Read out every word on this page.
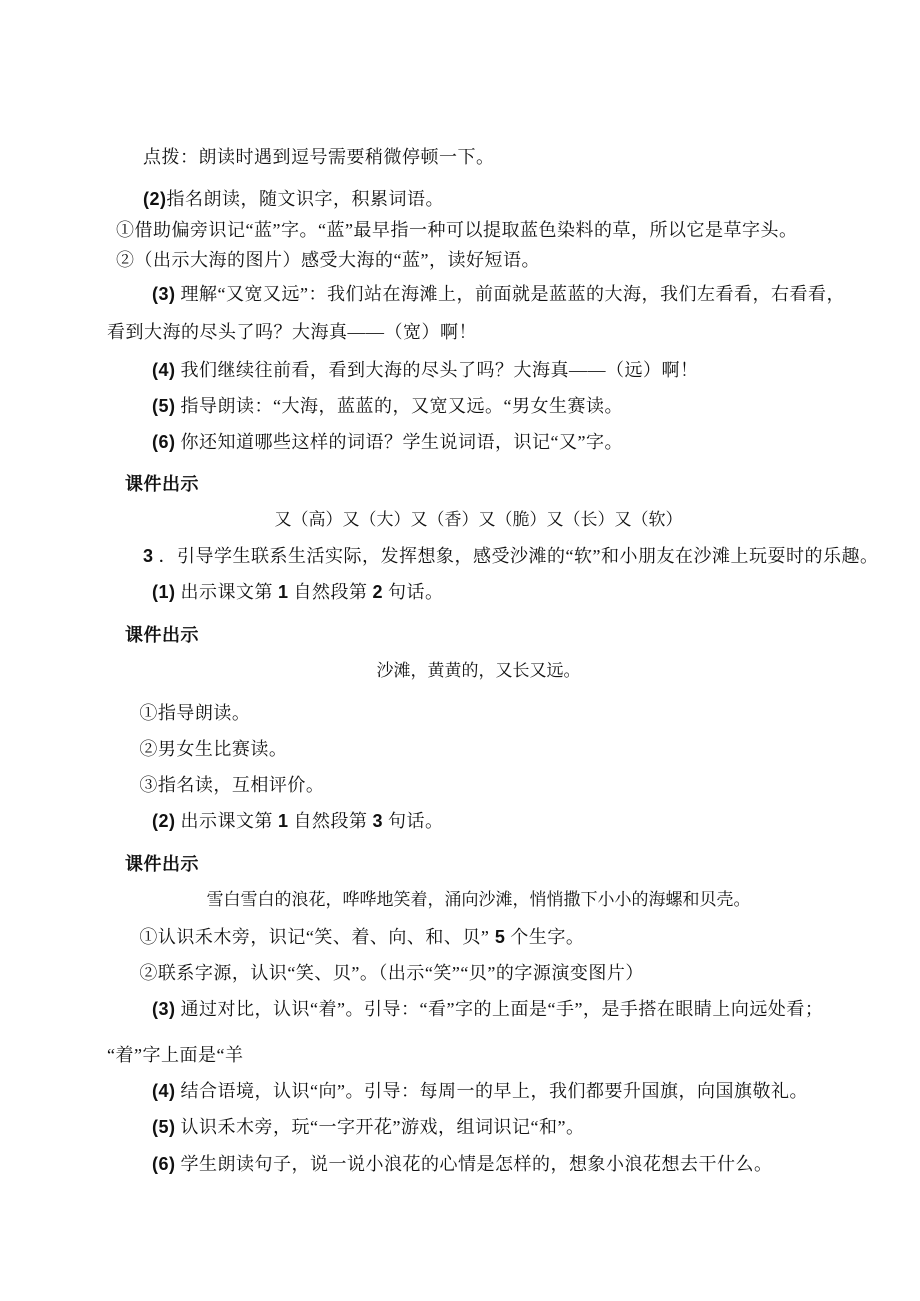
点拨：朗读时遇到逗号需要稍微停顿一下。
(2)指名朗读，随文识字，积累词语。
①借助偏旁识记“蓝”字。“蓝”最早指一种可以提取蓝色染料的草，所以它是草字头。
②（出示大海的图片）感受大海的“蓝”，读好短语。
(3) 理解“又宽又远”：我们站在海滩上，前面就是蓝蓝的大海，我们左看看，右看看，
看到大海的尽头了吗？大海真——（宽）啊！
(4) 我们继续往前看，看到大海的尽头了吗？大海真——（远）啊！
(5) 指导朗读：“大海，蓝蓝的，又宽又远。“男女生赛读。
(6) 你还知道哪些这样的词语？学生说词语，识记“又”字。
课件出示
又（高）又（大）又（香）又（脆）又（长）又（软）
3 ．引导学生联系生活实际，发挥想象，感受沙滩的“软”和小朋友在沙滩上玩耍时的乐趣。
(1) 出示课文第 1 自然段第 2 句话。
课件出示
沙滩，黄黄的，又长又远。
①指导朗读。
②男女生比赛读。
③指名读，互相评价。
(2) 出示课文第 1 自然段第 3 句话。
课件出示
雪白雪白的浪花，哗哗地笑着，涌向沙滩，悄悄撒下小小的海螺和贝壳。
①认识禾木旁，识记“笑、着、向、和、贝” 5 个生字。
②联系字源，认识“笑、贝”。（出示“笑”“贝”的字源演变图片）
(3) 通过对比，认识“着”。引导：“看”字的上面是“手”，是手搭在眼睛上向远处看；
“着”字上面是“羊
(4) 结合语境，认识“向”。引导：每周一的早上，我们都要升国旗，向国旗敬礼。
(5) 认识禾木旁，玩“一字开花”游戏，组词识记“和”。
(6) 学生朗读句子，说一说小浪花的心情是怎样的，想象小浪花想去干什么。
